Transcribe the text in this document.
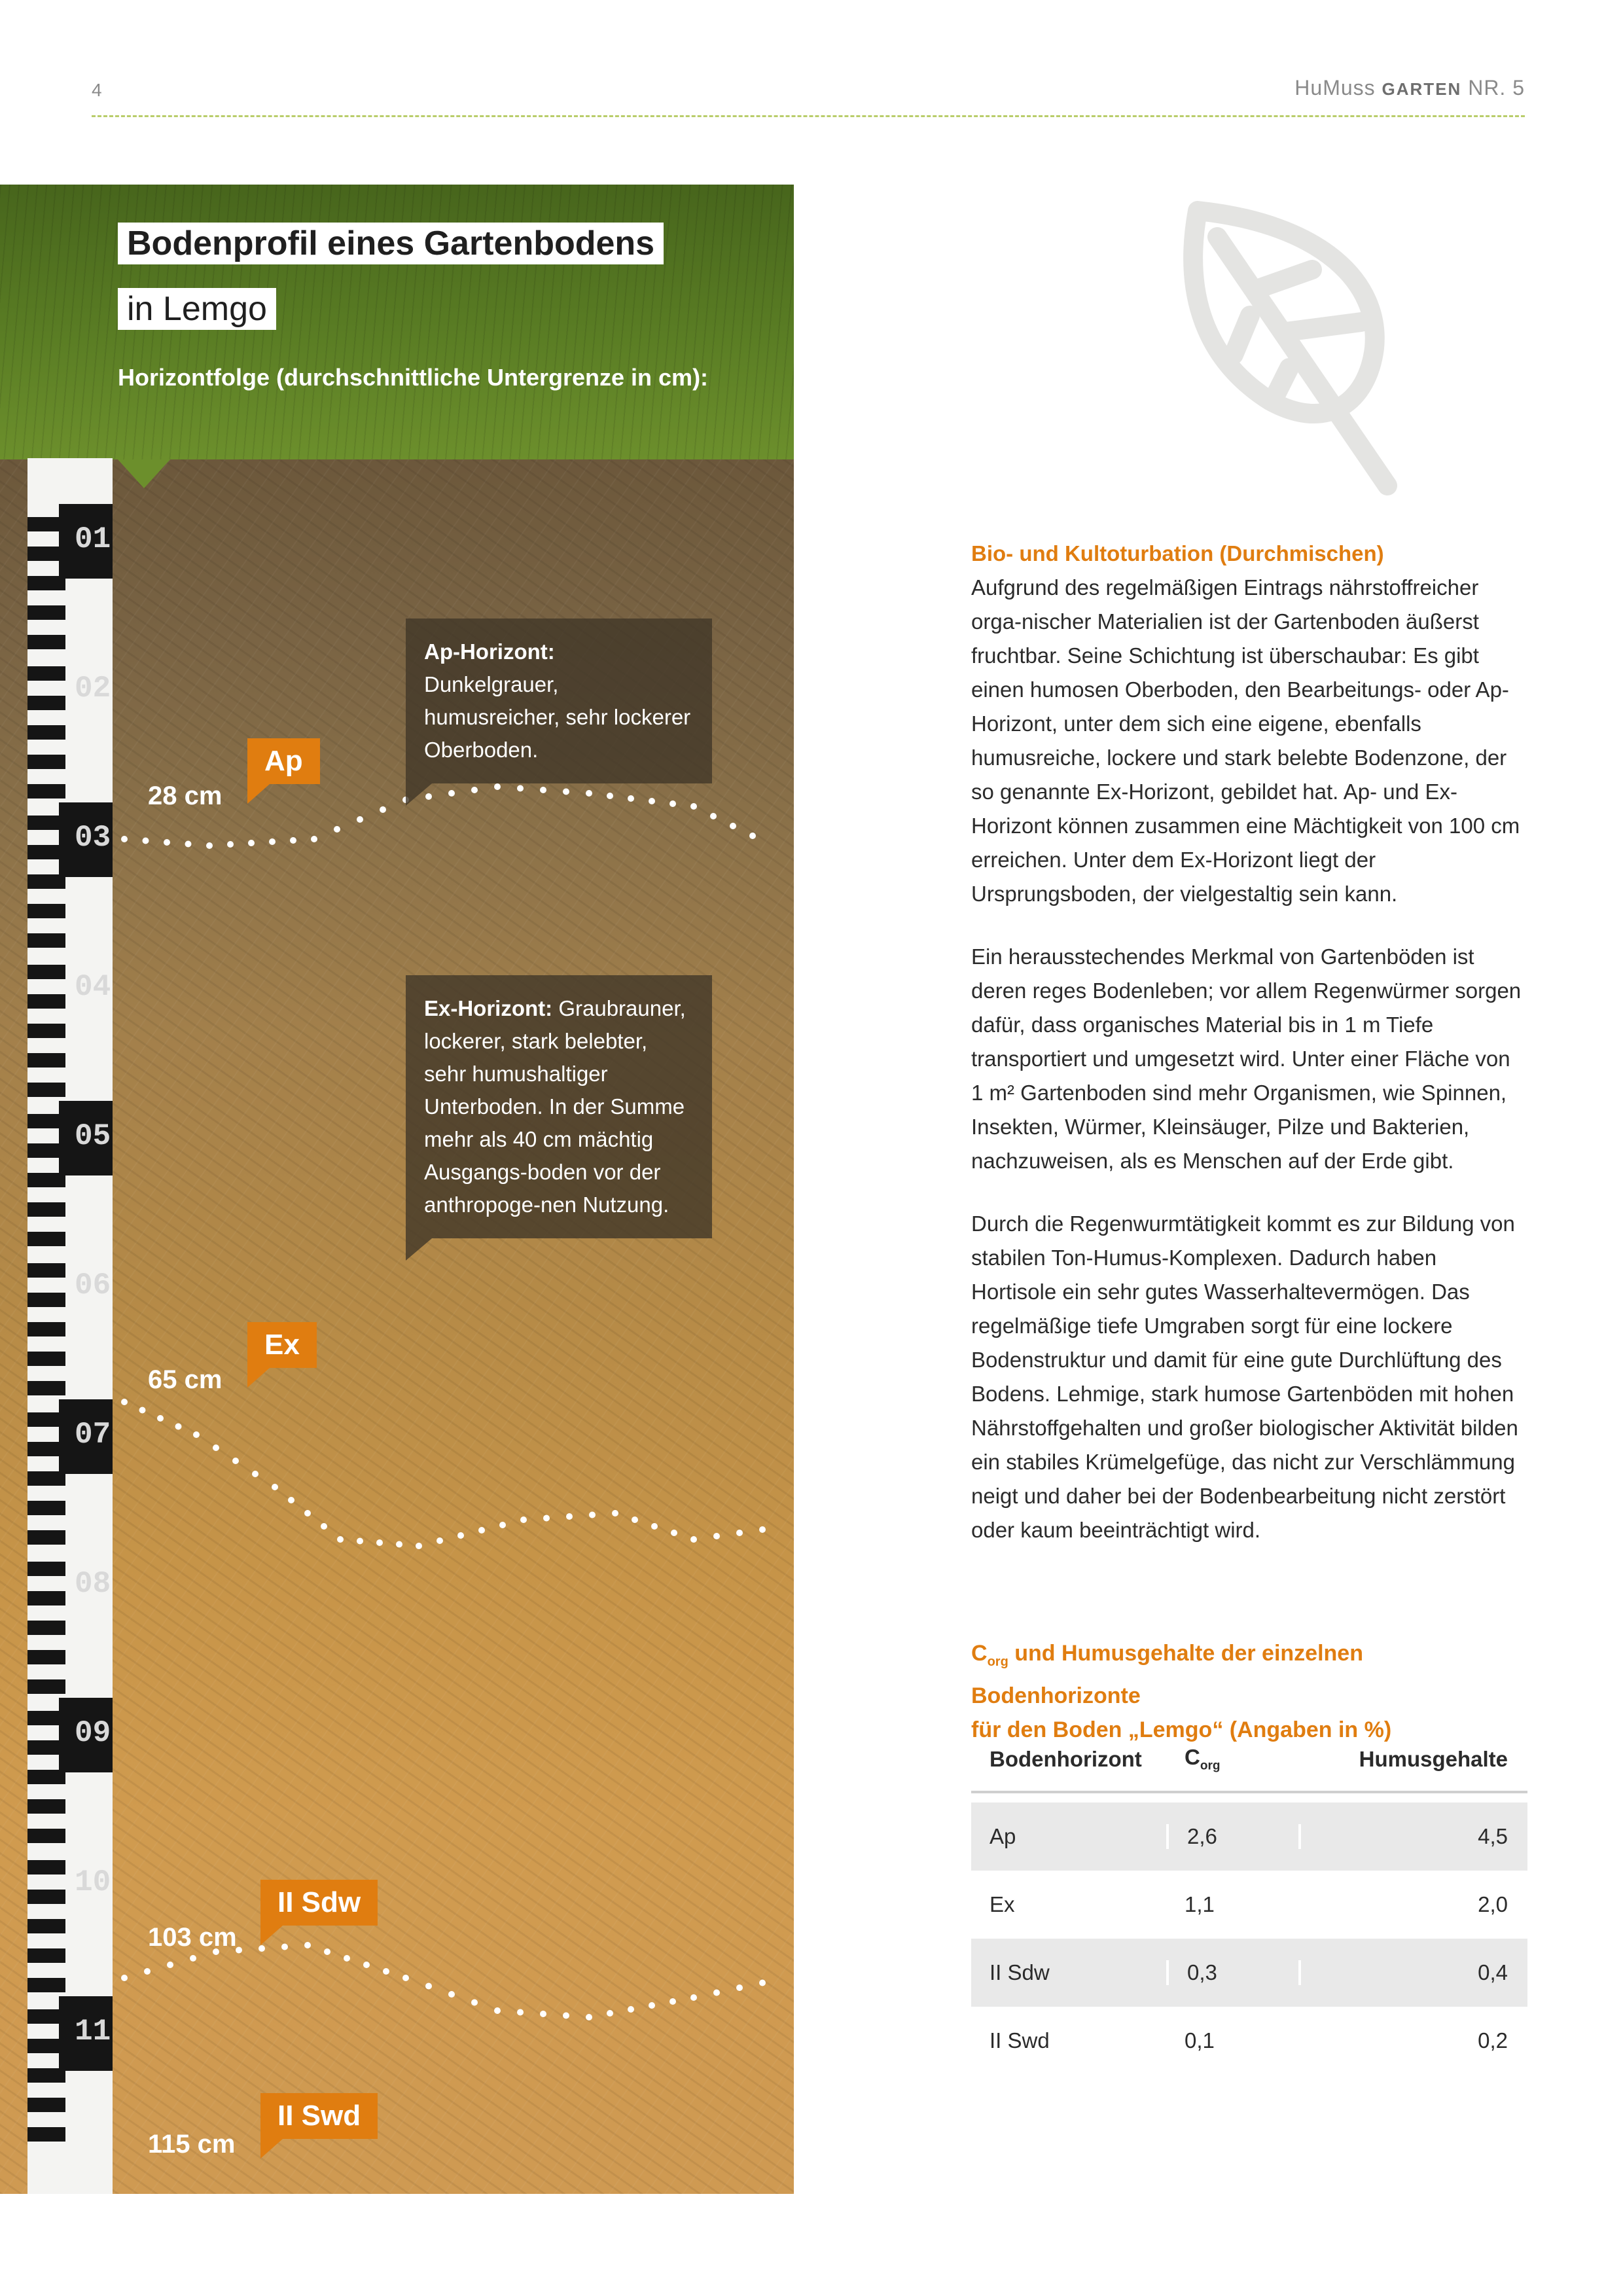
4	HuMuss GARTEN NR. 5
01
02
03
04
05
06
07
08
09
10
11
Bodenprofil eines Gartenbodens
in Lemgo
Horizontfolge (durchschnittliche Untergrenze in cm):
Ap-Horizont: Dunkelgrauer, humusreicher, sehr lockerer Oberboden.
Ex-Horizont: Graubrauner, lockerer, stark belebter, sehr humushaltiger Unterboden. In der Summe mehr als 40 cm mächtig Ausgangs-boden vor der anthropoge-nen Nutzung.
Ap
28 cm
Ex
65 cm
II Sdw
103 cm
II Swd
115 cm
Bio- und Kultoturbation (Durchmischen)

Aufgrund des regelmäßigen Eintrags nährstoffreicher orga-nischer Materialien ist der Gartenboden äußerst fruchtbar. Seine Schichtung ist überschaubar: Es gibt einen humosen Oberboden, den Bearbeitungs- oder Ap-Horizont, unter dem sich eine eigene, ebenfalls humusreiche, lockere und stark belebte Bodenzone, der so genannte Ex-Horizont, gebildet hat. Ap- und Ex-Horizont können zusammen eine Mächtigkeit von 100 cm erreichen. Unter dem Ex-Horizont liegt der Ursprungsboden, der vielgestaltig sein kann.

Ein herausstechendes Merkmal von Gartenböden ist deren reges Bodenleben; vor allem Regenwürmer sorgen dafür, dass organisches Material bis in 1 m Tiefe transportiert und umgesetzt wird. Unter einer Fläche von 1 m² Gartenboden sind mehr Organismen, wie Spinnen, Insekten, Würmer, Kleinsäuger, Pilze und Bakterien, nachzuweisen, als es Menschen auf der Erde gibt.

Durch die Regenwurmtätigkeit kommt es zur Bildung von stabilen Ton-Humus-Komplexen. Dadurch haben Hortisole ein sehr gutes Wasserhaltevermögen. Das regelmäßige tiefe Umgraben sorgt für eine lockere Bodenstruktur und damit für eine gute Durchlüftung des Bodens. Lehmige, stark humose Gartenböden mit hohen Nährstoffgehalten und großer biologischer Aktivität bilden ein stabiles Krümelgefüge, das nicht zur Verschlämmung neigt und daher bei der Bodenbearbeitung nicht zerstört oder kaum beeinträchtigt wird.

$C_{org}$ und Humusgehalte der einzelnen Bodenhorizonte
für den Boden „Lemgo“ (Angaben in %)
Bodenhorizont	$C_{org}$	Humusgehalte
Ap	2,6	4,5
Ex	1,1	2,0
II Sdw	0,3	0,4
II Swd	0,1	0,2
